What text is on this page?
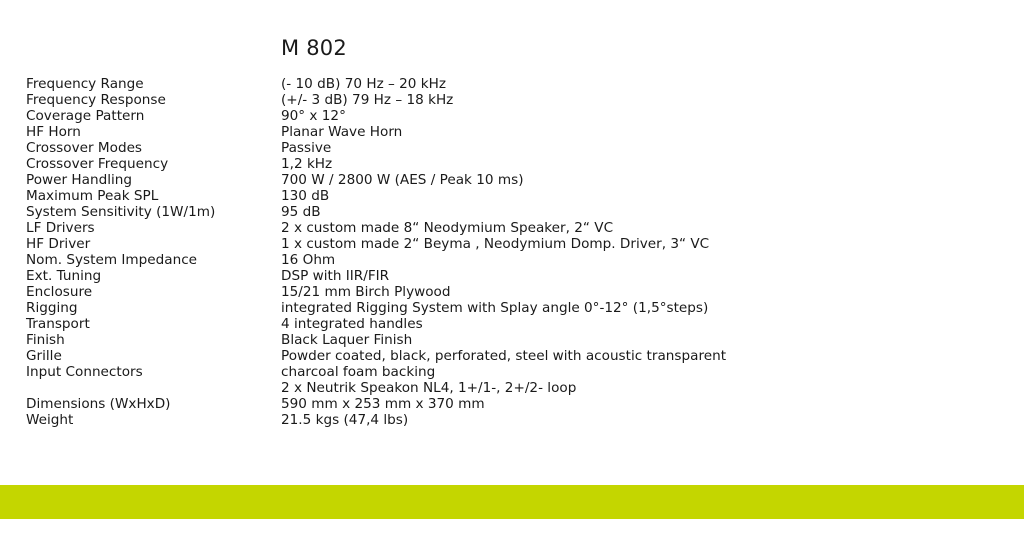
M 802
Frequency Range	(- 10 dB) 70 Hz – 20 kHz
Frequency Response	(+/- 3 dB) 79 Hz – 18 kHz
Coverage Pattern	90° x 12°
HF Horn	Planar Wave Horn
Crossover Modes	Passive
Crossover Frequency	1,2 kHz
Power Handling	700 W / 2800 W (AES / Peak 10 ms)
Maximum Peak SPL	130 dB
System Sensitivity (1W/1m)	95 dB
LF Drivers	2 x custom made 8“ Neodymium Speaker, 2“ VC
HF Driver	1 x custom made 2“ Beyma , Neodymium Domp. Driver, 3“ VC
Nom. System Impedance	16 Ohm
Ext. Tuning	DSP with IIR/FIR
Enclosure	15/21 mm Birch Plywood
Rigging	integrated Rigging System with Splay angle 0°-12° (1,5°steps)
Transport	4 integrated handles
Finish	Black Laquer Finish
Grille	Powder coated, black, perforated, steel with acoustic transparent
Input Connectors	charcoal foam backing
2 x Neutrik Speakon NL4, 1+/1-, 2+/2- loop
Dimensions (WxHxD)	590 mm x 253 mm x 370 mm
Weight	21.5 kgs (47,4 lbs)
